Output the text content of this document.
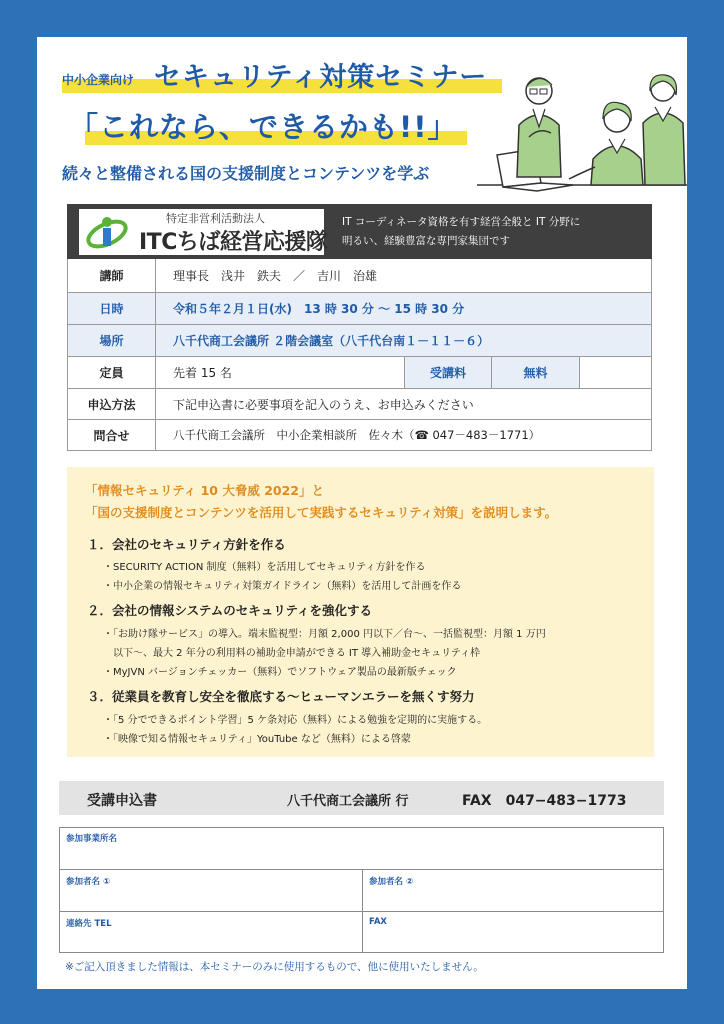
中小企業向け セキュリティ対策セミナー
「これなら、できるかも!!」
続々と整備される国の支援制度とコンテンツを学ぶ
特定非営利活動法人
ITCちば経営応援隊
IT コーディネータ資格を有す経営全般と IT 分野に
明るい、経験豊富な専門家集団です
講師	理事長　浅井　鉄夫　／　吉川　治雄
日時	令和５年２月１日(水)　13 時 30 分 ～ 15 時 30 分
場所	八千代商工会議所 ２階会議室（八千代台南１－１１－６）
定員	先着 15 名	受講料	無料
申込方法	下記申込書に必要事項を記入のうえ、お申込みください
問合せ	八千代商工会議所　中小企業相談所　佐々木（☎ 047－483－1771）
「情報セキュリティ 10 大脅威 2022」と
「国の支援制度とコンテンツを活用して実践するセキュリティ対策」を説明します。
１．会社のセキュリティ方針を作る
・SECURITY ACTION 制度（無料）を活用してセキュリティ方針を作る
・中小企業の情報セキュリティ対策ガイドライン（無料）を活用して計画を作る
２．会社の情報システムのセキュリティを強化する
・「お助け隊サービス」の導入。端末監視型：月額 2,000 円以下／台～、一括監視型：月額 1 万円
　以下～、最大 2 年分の利用料の補助金申請ができる IT 導入補助金セキュリティ枠
・MyJVN バージョンチェッカー（無料）でソフトウェア製品の最新版チェック
３．従業員を教育し安全を徹底する～ヒューマンエラーを無くす努力
・「5 分でできるポイント学習」5 ケ条対応（無料）による勉強を定期的に実施する。
・「映像で知る情報セキュリティ」YouTube など（無料）による啓蒙
受講申込書	八千代商工会議所 行	FAX　047−483−1773
参加事業所名
参加者名 ①	参加者名 ②
連絡先 TEL	FAX
※ご記入頂きました情報は、本セミナーのみに使用するもので、他に使用いたしません。
